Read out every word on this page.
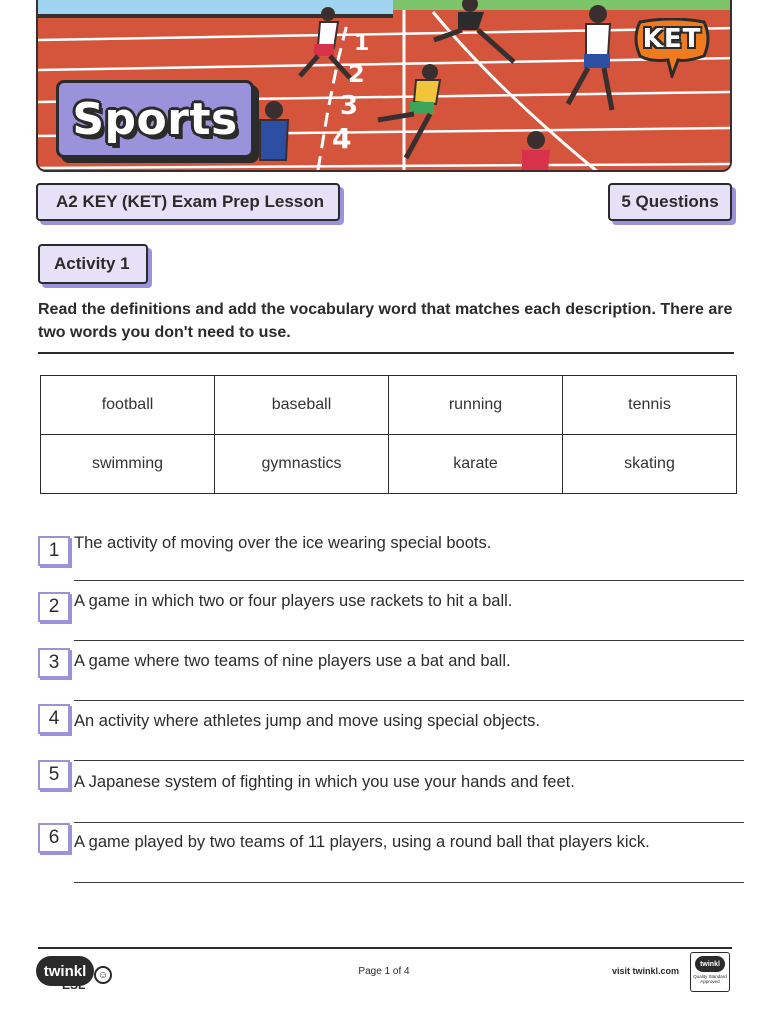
1
2
3
4
Sports
KET
A2 KEY (KET) Exam Prep Lesson	5 Questions
Activity 1

Read the definitions and add the vocabulary word that matches each description. There are two words you don't need to use.

football	baseball	running	tennis
swimming	gymnastics	karate	skating
1 The activity of moving over the ice wearing special boots.
2 A game in which two or four players use rackets to hit a ball.
3 A game where two teams of nine players use a bat and ball.
4 An activity where athletes jump and move using special objects.
5 A Japanese system of fighting in which you use your hands and feet.
6 A game played by two teams of 11 players, using a round ball that players kick.
twinkl
ESL
☺	Page 1 of 4	visit twinkl.com
twinkl
Quality Standard Approved
